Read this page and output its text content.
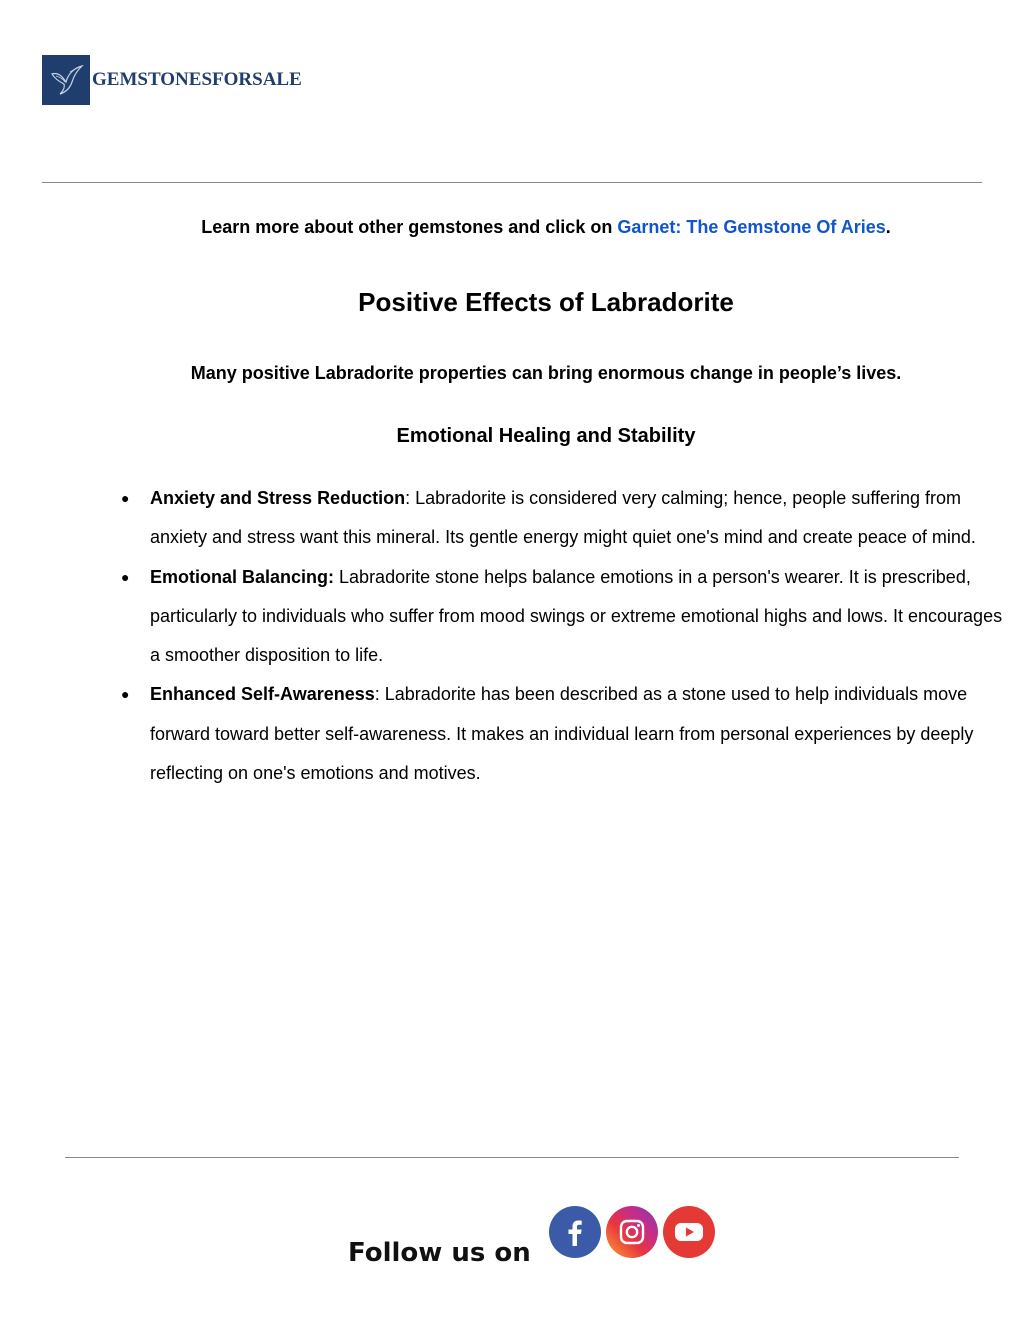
GEMSTONESFORSALE

Learn more about other gemstones and click on Garnet: The Gemstone Of Aries.

Positive Effects of Labradorite

Many positive Labradorite properties can bring enormous change in people’s lives.

Emotional Healing and Stability
● Anxiety and Stress Reduction: Labradorite is considered very calming; hence, people suffering from anxiety and stress want this mineral. Its gentle energy might quiet one's mind and create peace of mind.
● Emotional Balancing: Labradorite stone helps balance emotions in a person's wearer. It is prescribed, particularly to individuals who suffer from mood swings or extreme emotional highs and lows. It encourages a smoother disposition to life.
● Enhanced Self-Awareness: Labradorite has been described as a stone used to help individuals move forward toward better self-awareness. It makes an individual learn from personal experiences by deeply reflecting on one's emotions and motives.
Follow us on
